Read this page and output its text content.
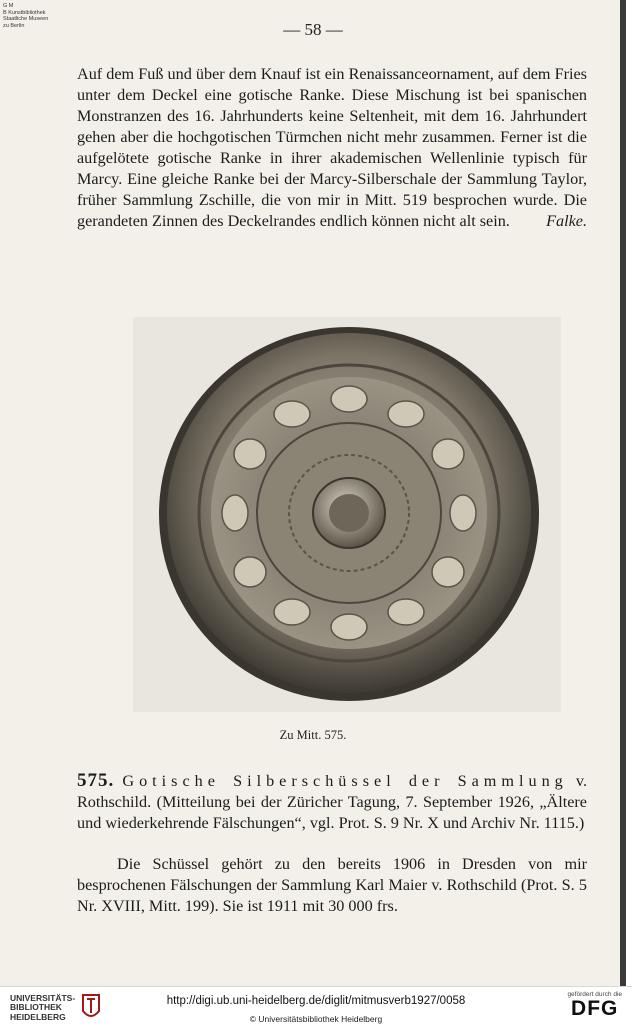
G M
B Kunstbibliothek
Staatliche Museen
zu Berlin	— 58 —
Auf dem Fuß und über dem Knauf ist ein Renaissanceornament, auf dem Fries unter dem Deckel eine gotische Ranke. Diese Mischung ist bei spanischen Monstranzen des 16. Jahrhunderts keine Seltenheit, mit dem 16. Jahrhundert gehen aber die hochgotischen Türmchen nicht mehr zusammen. Ferner ist die aufgelötete gotische Ranke in ihrer akademischen Wellenlinie typisch für Marcy. Eine gleiche Ranke bei der Marcy-Silberschale der Sammlung Taylor, früher Sammlung Zschille, die von mir in Mitt. 519 besprochen wurde. Die gerandeten Zinnen des Deckelrandes endlich können nicht alt sein. Falke.
Zu Mitt. 575.
575. Gotische Silberschüssel der Sammlung v. Rothschild. (Mitteilung bei der Züricher Tagung, 7. September 1926, „Ältere und wiederkehrende Fälschungen“, vgl. Prot. S. 9 Nr. X und Archiv Nr. 1115.)
Die Schüssel gehört zu den bereits 1906 in Dresden von mir besprochenen Fälschungen der Sammlung Karl Maier v. Rothschild (Prot. S. 5 Nr. XVIII, Mitt. 199). Sie ist 1911 mit 30 000 frs.
UNIVERSITÄTS-
BIBLIOTHEK
HEIDELBERG
http://digi.ub.uni-heidelberg.de/diglit/mitmusverb1927/0058
© Universitätsbibliothek Heidelberg
gefördert durch die
DFG
